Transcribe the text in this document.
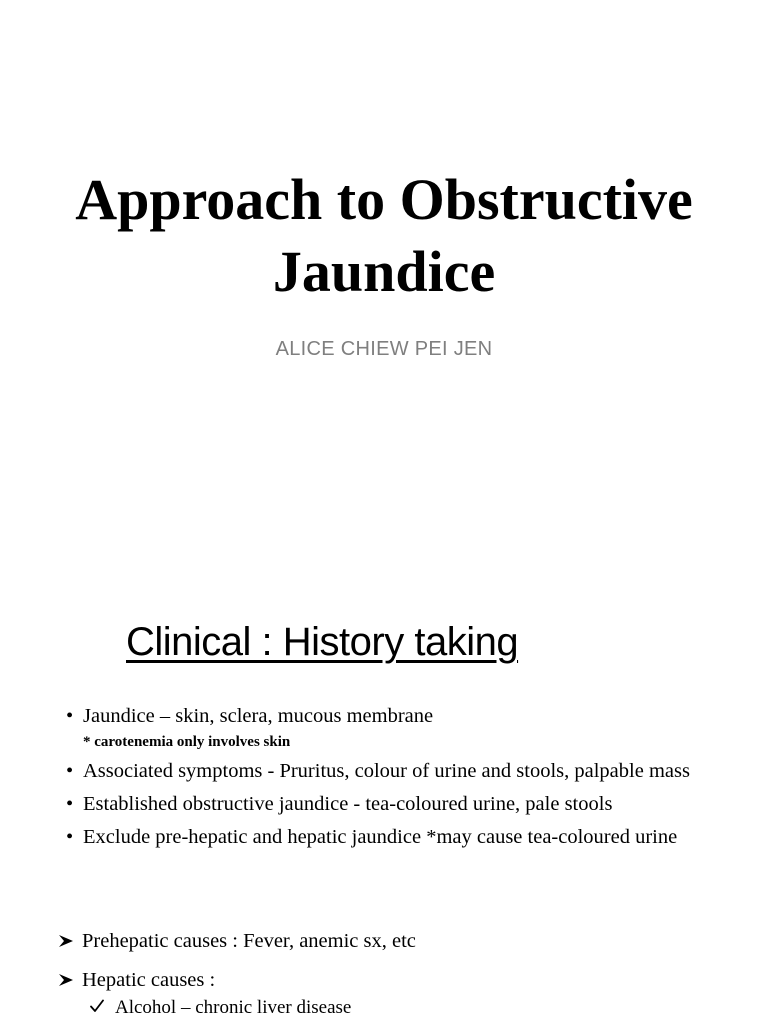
Approach to Obstructive
Jaundice
ALICE CHIEW PEI JEN
Clinical : History taking
• Jaundice – skin, sclera, mucous membrane
* carotenemia only involves skin
• Associated symptoms - Pruritus, colour of urine and stools, palpable mass
• Established obstructive jaundice - tea-coloured urine, pale stools
• Exclude pre-hepatic and hepatic jaundice *may cause tea-coloured urine
Prehepatic causes : Fever, anemic sx, etc
Hepatic causes :
Alcohol – chronic liver disease
